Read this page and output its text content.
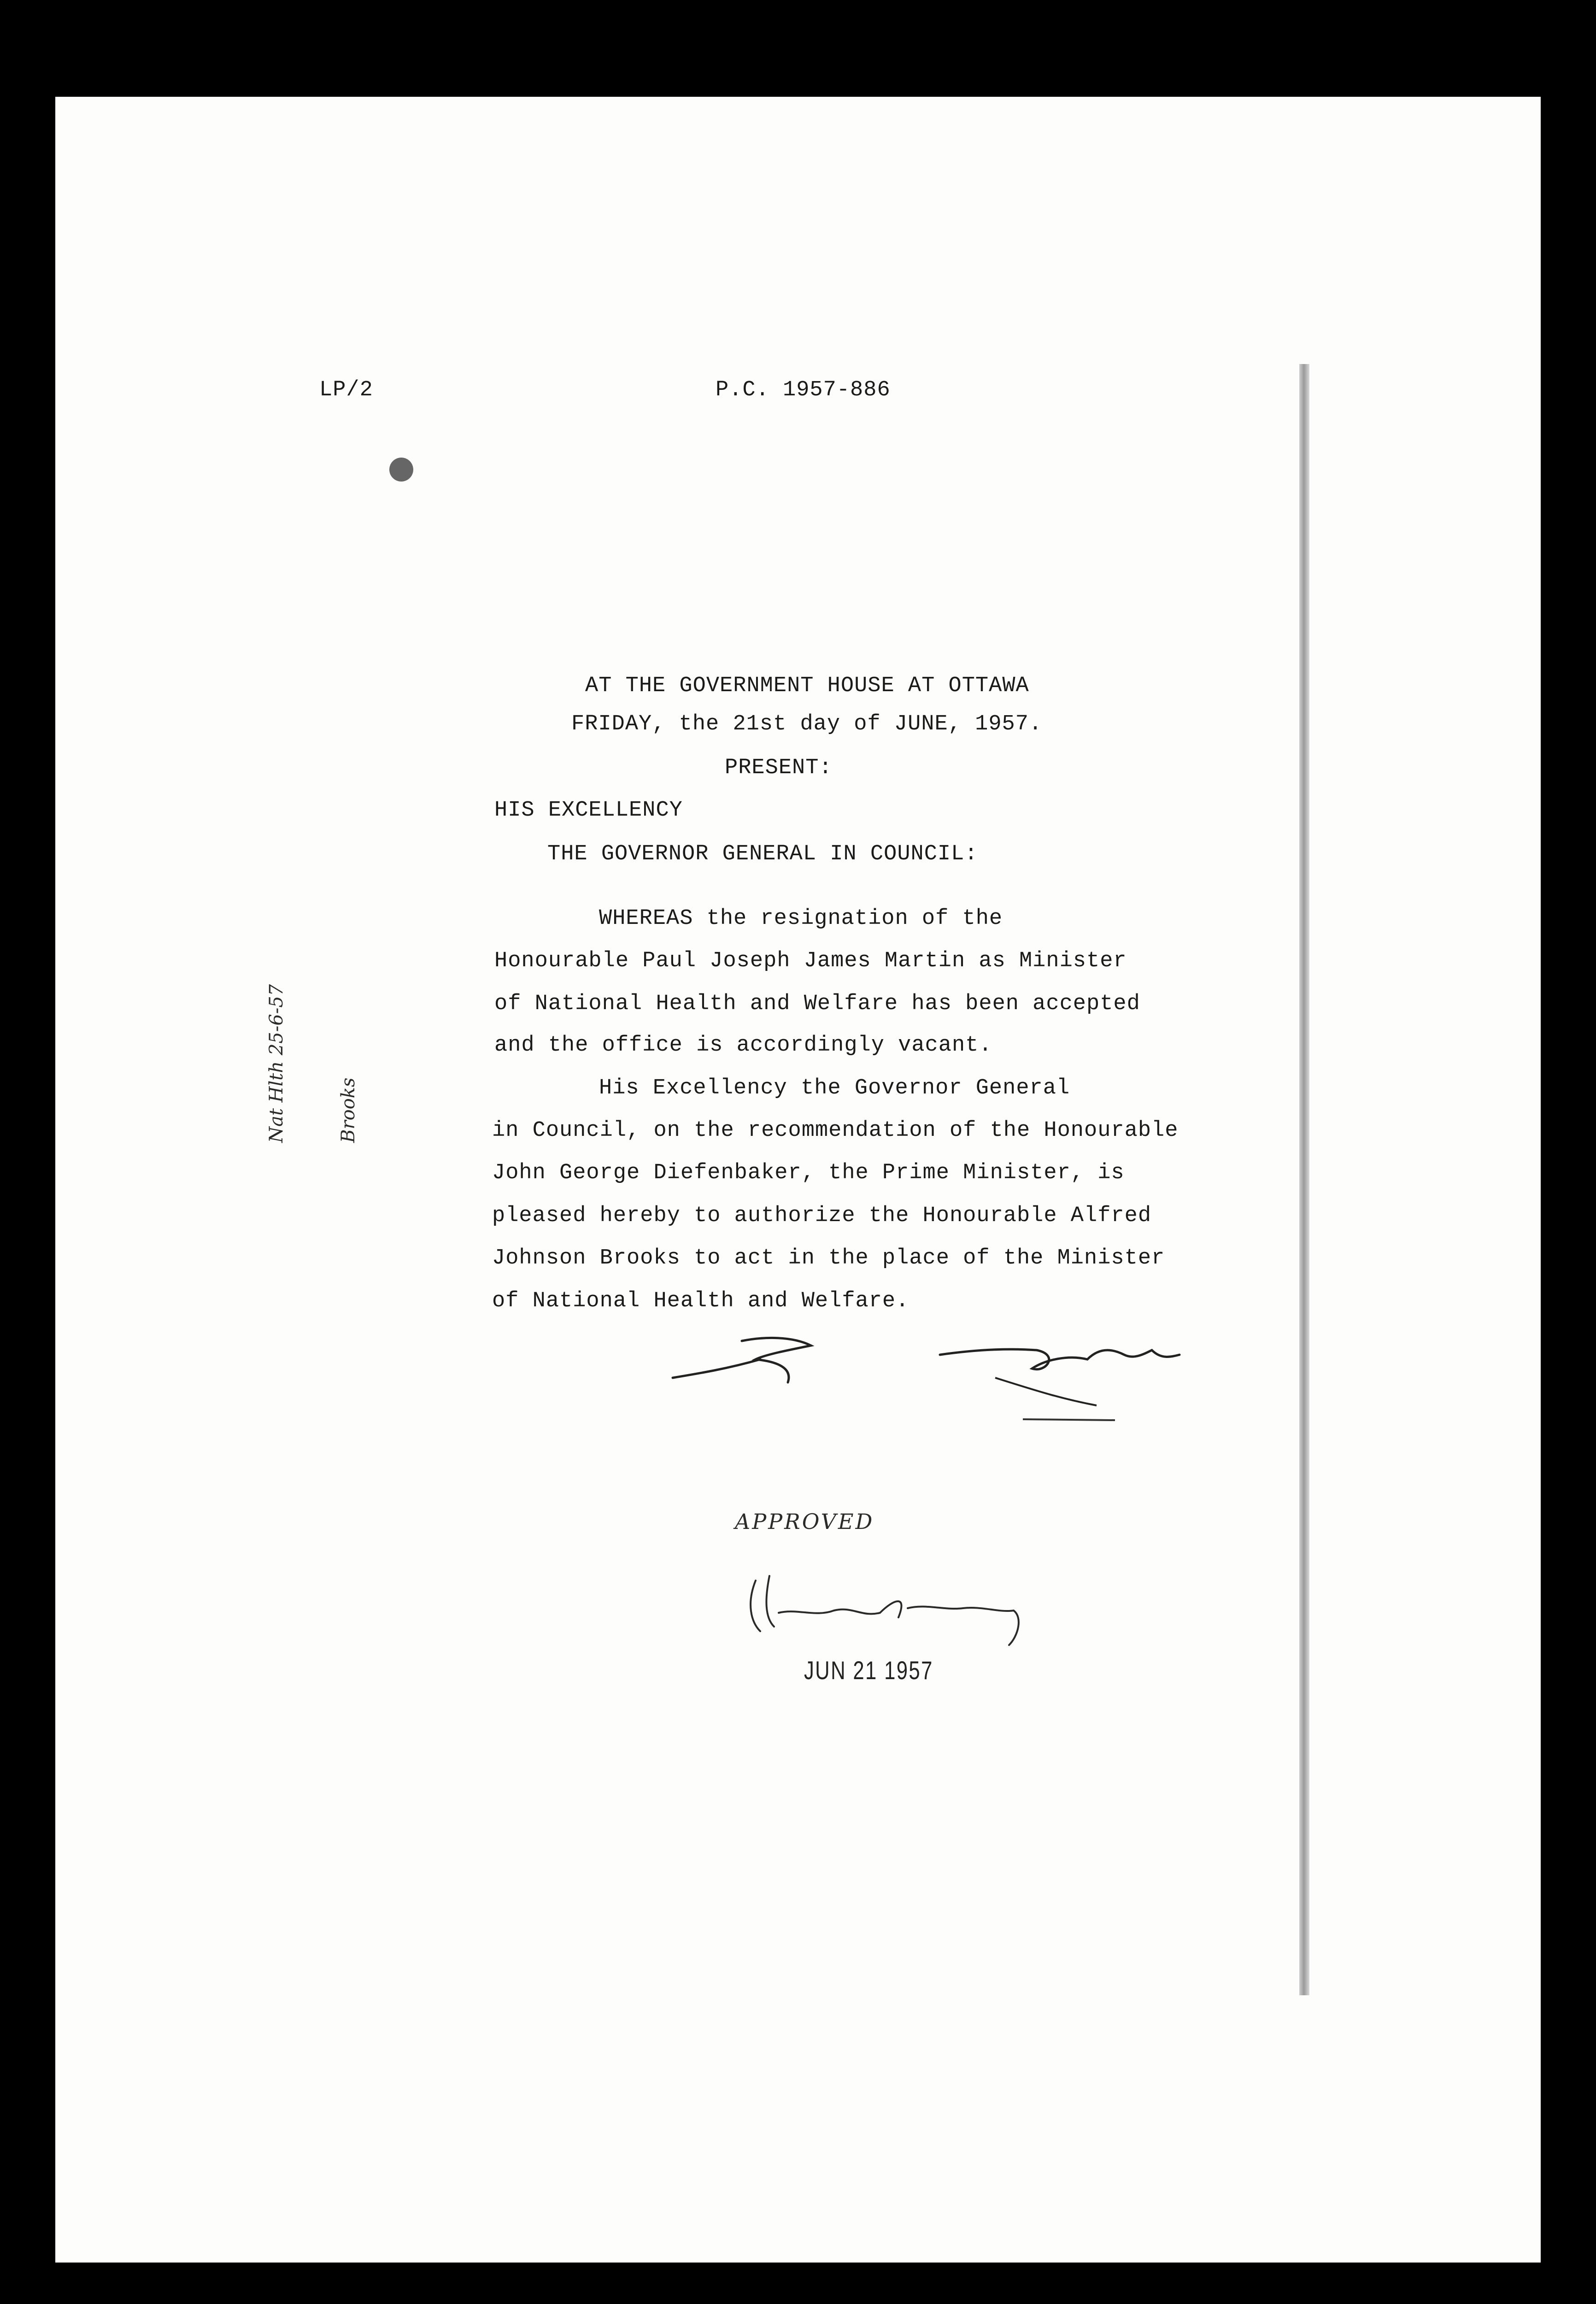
LP/2	P.C. 1957-886
AT THE GOVERNMENT HOUSE AT OTTAWA
FRIDAY, the 21st day of JUNE, 1957.
PRESENT:
HIS EXCELLENCY
THE GOVERNOR GENERAL IN COUNCIL:
WHEREAS the resignation of the
Honourable Paul Joseph James Martin as Minister
of National Health and Welfare has been accepted
and the office is accordingly vacant.
His Excellency the Governor General
in Council, on the recommendation of the Honourable
John George Diefenbaker, the Prime Minister, is
pleased hereby to authorize the Honourable Alfred
Johnson Brooks to act in the place of the Minister
of National Health and Welfare.

Nat Hlth 25-6-57

	Brooks

APPROVED
JUN 21 1957
